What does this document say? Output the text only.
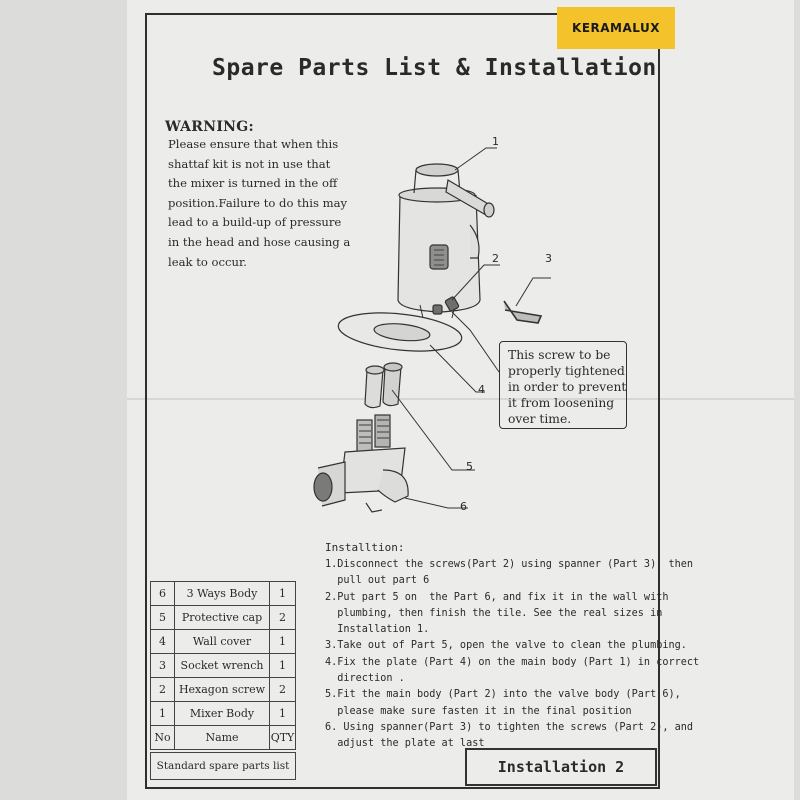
KERAMALUX
Spare Parts List & Installation
WARNING:
Please ensure that when this
shattaf kit is not in use that
the mixer is turned in the off
position.Failure to do this may
lead to a build-up of pressure
in the head and hose causing a
leak to occur.
1
2	3
4
5
6
This screw to be
properly tightened
in order to prevent
it from loosening
over time.
Installtion:
1.Disconnect the screws(Part 2) using spanner (Part 3), then
pull out part 6
2.Put part 5 on  the Part 6, and fix it in the wall with
plumbing, then finish the tile. See the real sizes in
Installation 1.
3.Take out of Part 5, open the valve to clean the plumbing.
4.Fix the plate (Part 4) on the main body (Part 1) in correct
direction .
5.Fit the main body (Part 2) into the valve body (Part 6),
please make sure fasten it in the final position
6. Using spanner(Part 3) to tighten the screws (Part 2), and
adjust the plate at last
6	3 Ways Body	1
5	Protective cap	2
4	Wall cover	1
3	Socket wrench	1
2	Hexagon screw	2
1	Mixer Body	1
No	Name	QTY
Standard spare parts list	Installation 2
